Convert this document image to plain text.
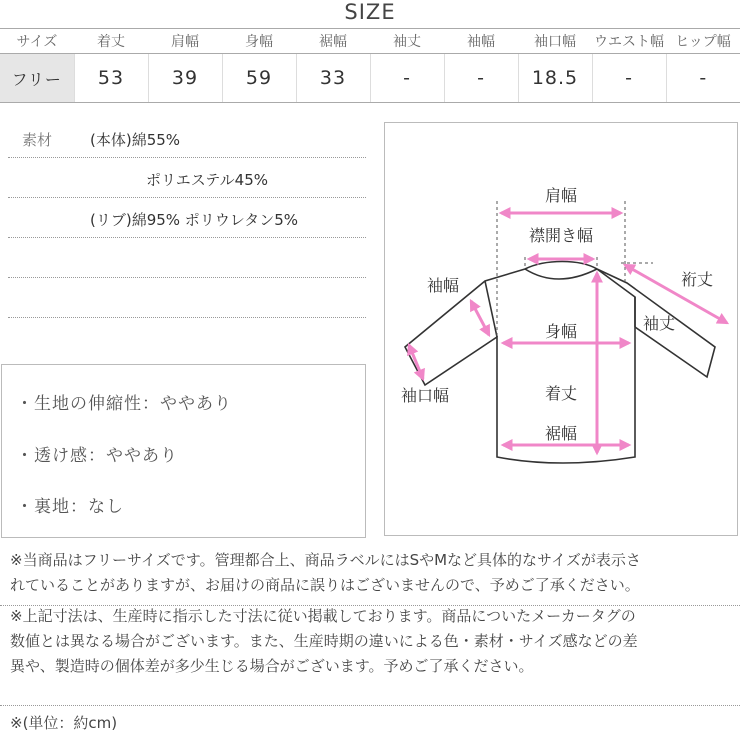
SIZE
サイズ	着丈	肩幅	身幅	裾幅	袖丈	袖幅	袖口幅	ウエスト幅	ヒップ幅
フリー	53	39	59	33	-	-	18.5	-	-
素材	(本体)綿55%
ポリエステル45%
(リブ)綿95% ポリウレタン5%
・生地の伸縮性：ややあり
・透け感：ややあり
・裏地：なし
肩幅
襟開き幅
袖幅	裄丈
袖丈
身幅
袖口幅	着丈
裾幅
※当商品はフリーサイズです。管理都合上、商品ラベルにはSやMなど具体的なサイズが表示さ
れていることがありますが、お届けの商品に誤りはございませんので、予めご了承ください。
※上記寸法は、生産時に指示した寸法に従い掲載しております。商品についたメーカータグの
数値とは異なる場合がございます。また、生産時期の違いによる色・素材・サイズ感などの差
異や、製造時の個体差が多少生じる場合がございます。予めご了承ください。
※(単位：約cm)
